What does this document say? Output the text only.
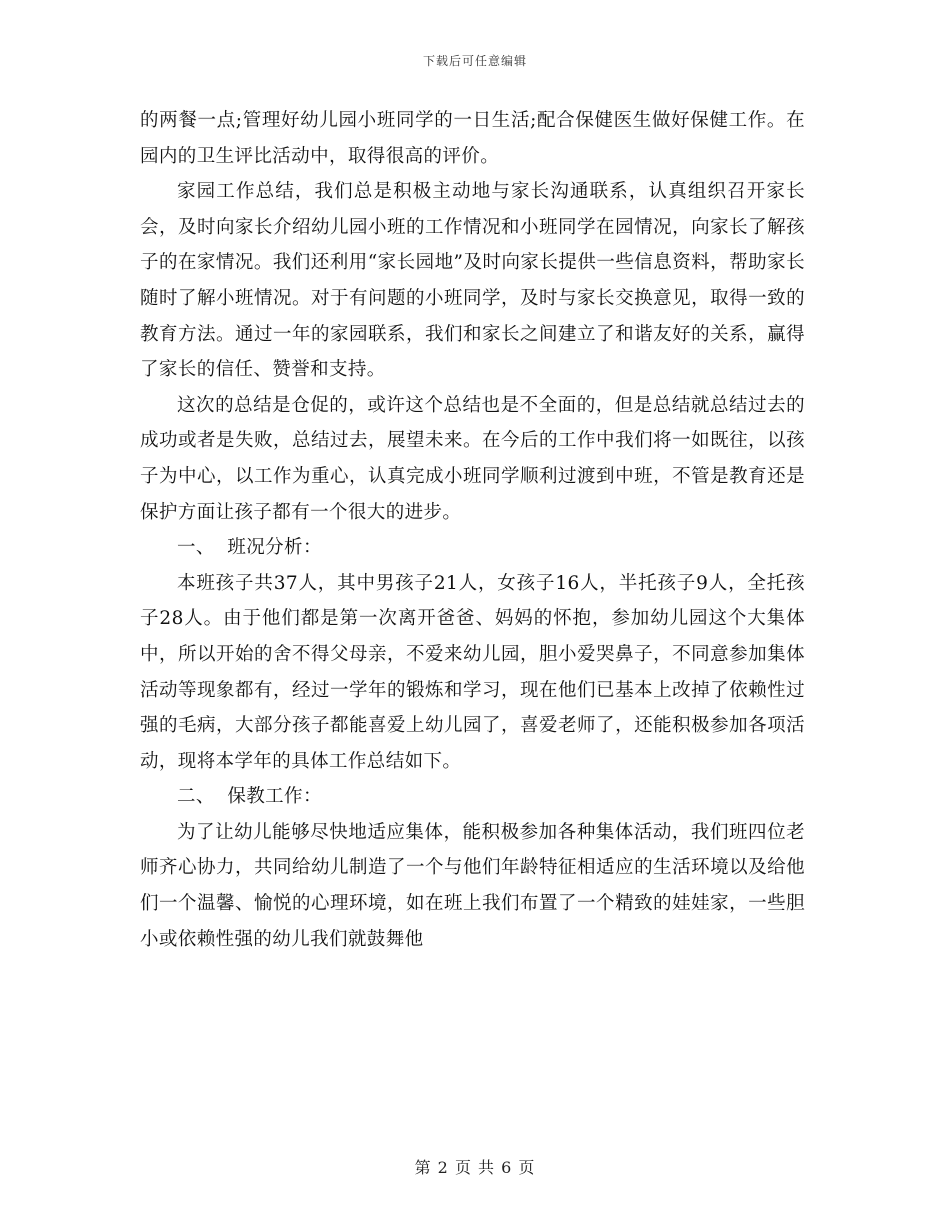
下载后可任意编辑

的两餐一点;管理好幼儿园小班同学的一日生活;配合保健医生做好保健工作。在园内的卫生评比活动中，取得很高的评价。

家园工作总结，我们总是积极主动地与家长沟通联系，认真组织召开家长会，及时向家长介绍幼儿园小班的工作情况和小班同学在园情况，向家长了解孩子的在家情况。我们还利用“家长园地”及时向家长提供一些信息资料，帮助家长随时了解小班情况。对于有问题的小班同学，及时与家长交换意见，取得一致的教育方法。通过一年的家园联系，我们和家长之间建立了和谐友好的关系，赢得了家长的信任、赞誉和支持。

这次的总结是仓促的，或许这个总结也是不全面的，但是总结就总结过去的成功或者是失败，总结过去，展望未来。在今后的工作中我们将一如既往，以孩子为中心，以工作为重心，认真完成小班同学顺利过渡到中班，不管是教育还是保护方面让孩子都有一个很大的进步。

一、  班况分析：

本班孩子共37人，其中男孩子21人，女孩子16人，半托孩子9人，全托孩子28人。由于他们都是第一次离开爸爸、妈妈的怀抱，参加幼儿园这个大集体中，所以开始的舍不得父母亲，不爱来幼儿园，胆小爱哭鼻子，不同意参加集体活动等现象都有，经过一学年的锻炼和学习，现在他们已基本上改掉了依赖性过强的毛病，大部分孩子都能喜爱上幼儿园了，喜爱老师了，还能积极参加各项活动，现将本学年的具体工作总结如下。

二、  保教工作：

为了让幼儿能够尽快地适应集体，能积极参加各种集体活动，我们班四位老师齐心协力，共同给幼儿制造了一个与他们年龄特征相适应的生活环境以及给他们一个温馨、愉悦的心理环境，如在班上我们布置了一个精致的娃娃家，一些胆小或依赖性强的幼儿我们就鼓舞他

第 2 页 共 6 页
